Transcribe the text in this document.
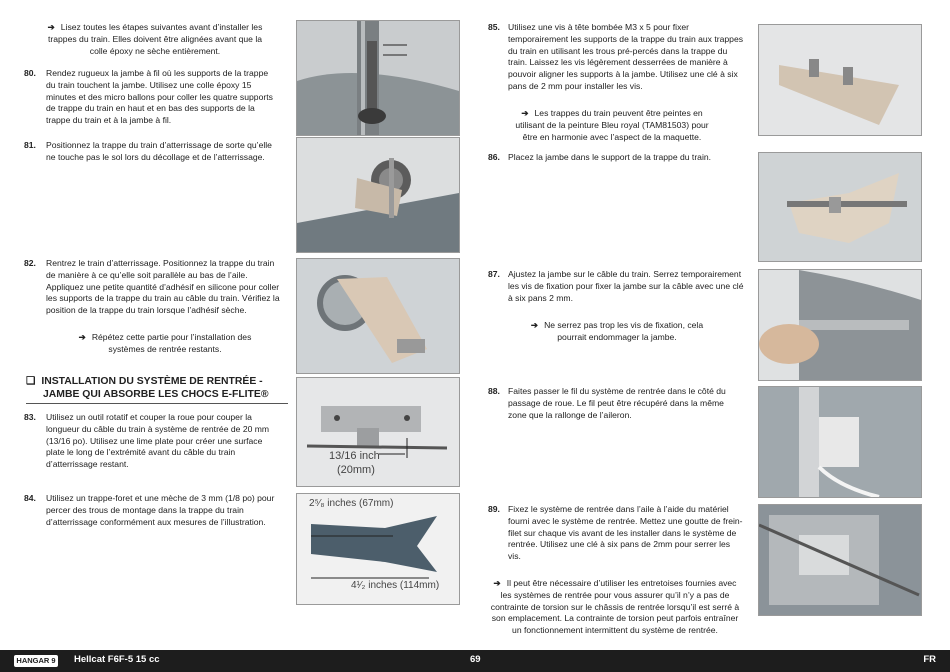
➔ Lisez toutes les étapes suivantes avant d’installer les trappes du train. Elles doivent être alignées avant que la colle époxy ne sèche entièrement.
80. Rendez rugueux la jambe à fil où les supports de la trappe du train touchent la jambe. Utilisez une colle époxy 15 minutes et des micro ballons pour coller les quatre supports de trappe du train en haut et en bas des supports de la trappe du train et à la jambe à fil.
81. Positionnez la trappe du train d’atterrissage de sorte qu’elle ne touche pas le sol lors du décollage et de l’atterrissage.
82. Rentrez le train d’atterrissage. Positionnez la trappe du train de manière à ce qu’elle soit parallèle au bas de l’aile. Appliquez une petite quantité d’adhésif en silicone pour coller les supports de la trappe du train au câble du train. Vérifiez la position de la trappe du train lorsque l’adhésif sèche.
➔ Répétez cette partie pour l’installation des systèmes de rentrée restants.
❑ INSTALLATION DU SYSTÈME DE RENTRÉE -
JAMBE QUI ABSORBE LES CHOCS E-FLITE®
83. Utilisez un outil rotatif et couper la roue pour couper la longueur du câble du train à système de rentrée de 20 mm (13/16 po). Utilisez une lime plate pour créer une surface plate le long de l’extrémité avant du câble du train d’atterrissage restant.
84. Utilisez un trappe-foret et une mèche de 3 mm (1/8 po) pour percer des trous de montage dans la trappe du train d’atterrissage conformément aux mesures de l’illustration.
13/16 inch
(20mm)
2⁵⁄₈ inches (67mm)
4¹⁄₂ inches (114mm)
85. Utilisez une vis à tête bombée M3 x 5 pour fixer temporairement les supports de la trappe du train aux trappes du train en utilisant les trous pré-percés dans la trappe du train. Laissez les vis légèrement desserrées de manière à pouvoir aligner les supports à la jambe. Utilisez une clé à six pans de 2 mm pour installer les vis.
➔ Les trappes du train peuvent être peintes en utilisant de la peinture Bleu royal (TAM81503) pour être en harmonie avec l’aspect de la maquette.
86. Placez la jambe dans le support de la trappe du train.
87. Ajustez la jambe sur le câble du train. Serrez temporairement les vis de fixation pour fixer la jambe sur la câble avec une clé à six pans 2 mm.
➔ Ne serrez pas trop les vis de fixation, cela pourrait endommager la jambe.
88. Faites passer le fil du système de rentrée dans le côté du passage de roue. Le fil peut être récupéré dans la même zone que la rallonge de l’aileron.
89. Fixez le système de rentrée dans l’aile à l’aide du matériel fourni avec le système de rentrée. Mettez une goutte de frein-filet sur chaque vis avant de les installer dans le système de rentrée. Utilisez une clé à six pans de 2mm pour serrer les vis.
➔ Il peut être nécessaire d’utiliser les entretoises fournies avec les systèmes de rentrée pour vous assurer qu’il n’y a pas de contrainte de torsion sur le châssis de rentrée lorsqu’il est serré à son emplacement. La contrainte de torsion peut parfois entraîner un fonctionnement intermittent du système de rentrée.
HANGAR 9 Hellcat F6F-5 15 cc	69	FR
